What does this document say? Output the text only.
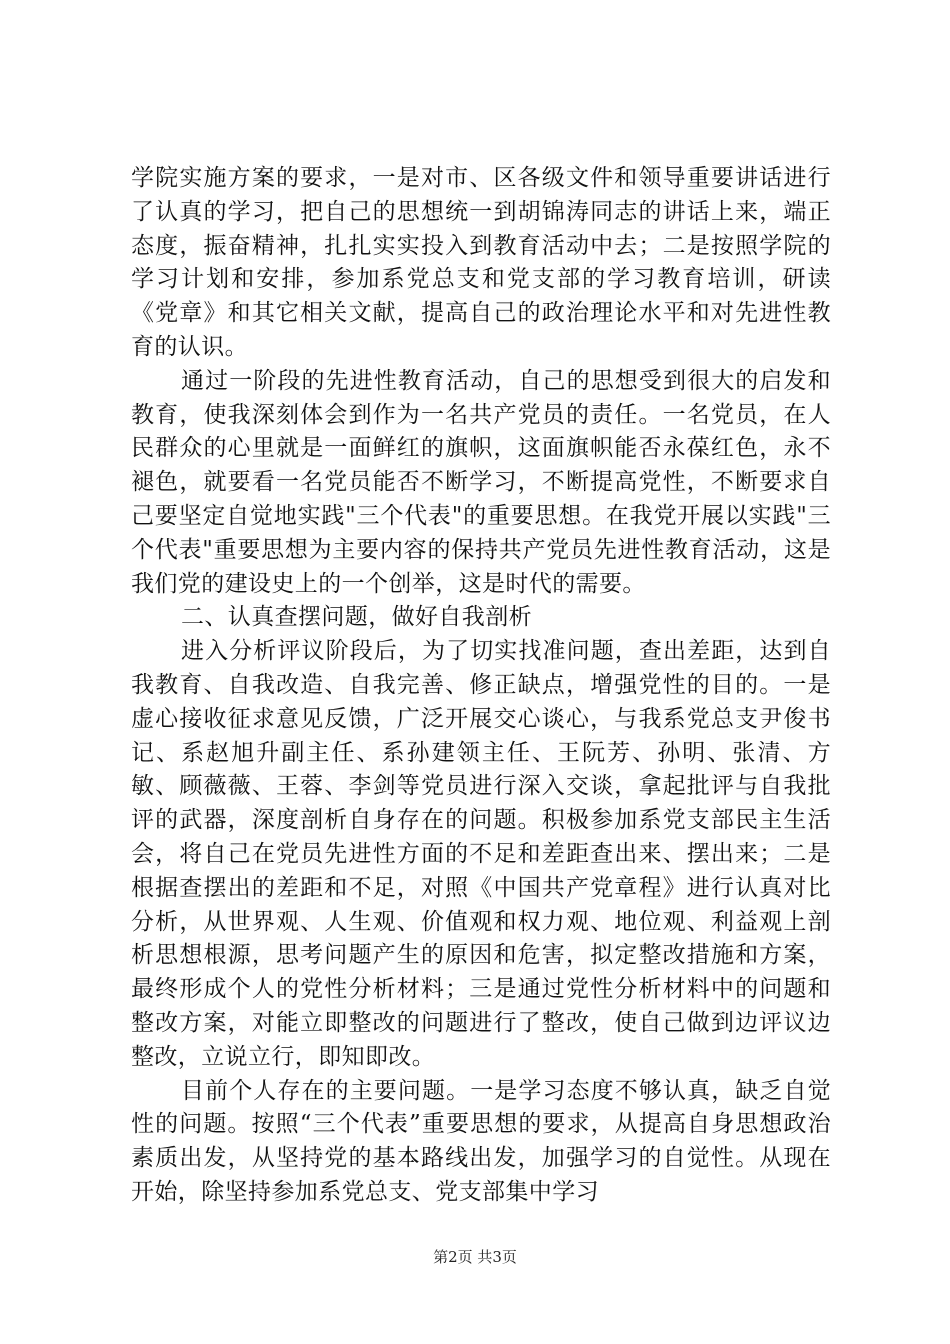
学院实施方案的要求，一是对市、区各级文件和领导重要讲话进行了认真的学习，把自己的思想统一到胡锦涛同志的讲话上来，端正态度，振奋精神，扎扎实实投入到教育活动中去；二是按照学院的学习计划和安排，参加系党总支和党支部的学习教育培训，研读《党章》和其它相关文献，提高自己的政治理论水平和对先进性教育的认识。

通过一阶段的先进性教育活动，自己的思想受到很大的启发和教育，使我深刻体会到作为一名共产党员的责任。一名党员，在人民群众的心里就是一面鲜红的旗帜，这面旗帜能否永葆红色，永不褪色，就要看一名党员能否不断学习，不断提高党性，不断要求自己要坚定自觉地实践"三个代表"的重要思想。在我党开展以实践"三个代表"重要思想为主要内容的保持共产党员先进性教育活动，这是我们党的建设史上的一个创举，这是时代的需要。

二、认真查摆问题，做好自我剖析

进入分析评议阶段后，为了切实找准问题，查出差距，达到自我教育、自我改造、自我完善、修正缺点，增强党性的目的。一是虚心接收征求意见反馈，广泛开展交心谈心，与我系党总支尹俊书记、系赵旭升副主任、系孙建领主任、王阮芳、孙明、张清、方敏、顾薇薇、王蓉、李剑等党员进行深入交谈，拿起批评与自我批评的武器，深度剖析自身存在的问题。积极参加系党支部民主生活会，将自己在党员先进性方面的不足和差距查出来、摆出来；二是根据查摆出的差距和不足，对照《中国共产党章程》进行认真对比分析，从世界观、人生观、价值观和权力观、地位观、利益观上剖析思想根源，思考问题产生的原因和危害，拟定整改措施和方案，最终形成个人的党性分析材料；三是通过党性分析材料中的问题和整改方案，对能立即整改的问题进行了整改，使自己做到边评议边整改，立说立行，即知即改。

目前个人存在的主要问题。一是学习态度不够认真，缺乏自觉性的问题。按照“三个代表”重要思想的要求，从提高自身思想政治素质出发，从坚持党的基本路线出发，加强学习的自觉性。从现在开始，除坚持参加系党总支、党支部集中学习

第2页 共3页
